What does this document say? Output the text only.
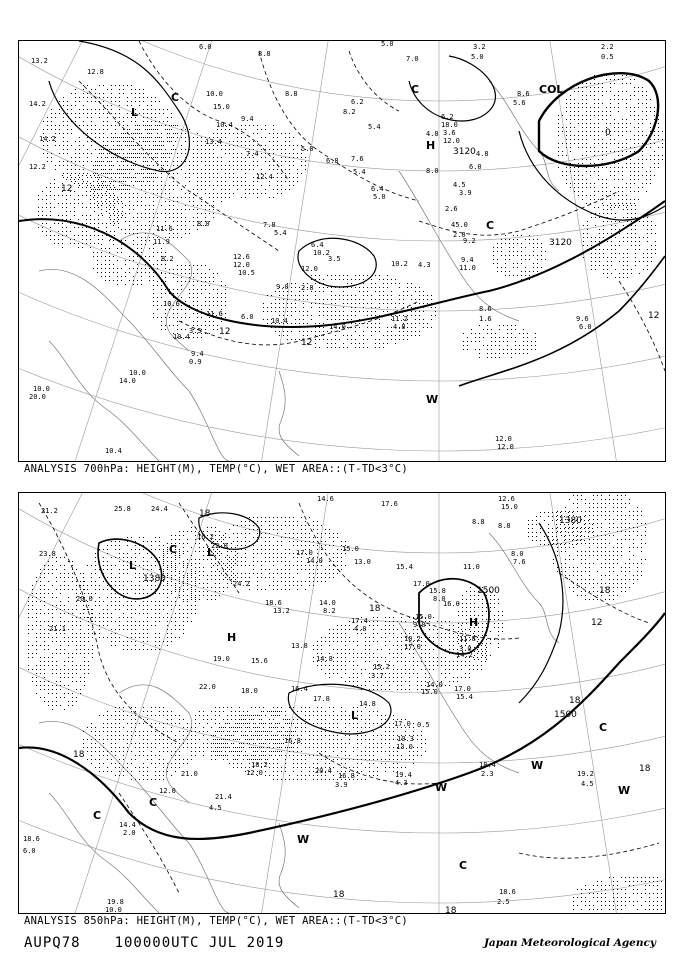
13.2
12.8
6.0
8.8
5.0
7.0
3.2
5.0
14.2
10.0
15.0
8.8
6.2
8.2
5.4
6.2
18.0
3.6
12.0
14.2
12.2
9.4
10.4
13.4
7.4
12.4
5.0
6.8 7.6
5.4
6.4
5.0
4.8
8.0
4.8
6.0
4.5
3.9
2.6
45.0
2.0
9.2
8.0
11.6
11.9
8.2	12.6
12.0
10.5
7.8
5.4
6.4
10.2
3.5
12.0
9.0 2.8
10.2 4.3
9.4
11.0
10.6
11.6	6.0 10.4
14.0
11.2
4.8
8.6
1.6	9.6
6.0
10.4
3.5
9.4
0.9
10.0
14.0
10.0
20.0
10.4
12.0
12.0
8.6
5.6
2.2
0.5
3120
12
12
12
12
3120
0
L
C
C
H
C
W
COL
ANALYSIS 700hPa: HEIGHT(M), TEMP(°C), WET AREA::(T-TD<3°C)
21.2	25.8	24.4
14.6
17.6
12.6
15.0
8.8 8.8
16.2
22.0
17.0
14.0
15.0
13.0
15.4
17.0
15.8
8.0
16.0
15.0
9.0
11.0
8.0
7.6
20.0
21.1
23.8
24.2
18.6
13.2
14.0
8.2
17.4
4.0
10.2
17.0
11.8
3.0
14.2
19.0	15.6
13.8
14.8
15.2
3.7
14.0
15.0 17.0
15.4
22.0	18.0	16.4
17.8
14.8
17.0 0.5
10.3
13.0
16.8
20.4
16.8
3.9
19.4
4.3
18.4
2.3	19.2
4.5
21.4
4.5
21.0
12.0
18.2
12.0
14.4
2.0
18.6
6.0
19.8
10.0
18.6
2.5
1380
1380
1500
1500
18
18
18
18
12
18
18
18
18
L
C	L
H
H
L
C
C
W
W
W
W
C
C
ANALYSIS 850hPa: HEIGHT(M), TEMP(°C), WET AREA::(T-TD<3°C)
AUPQ78 100000UTC JUL 2019	Japan Meteorological Agency
